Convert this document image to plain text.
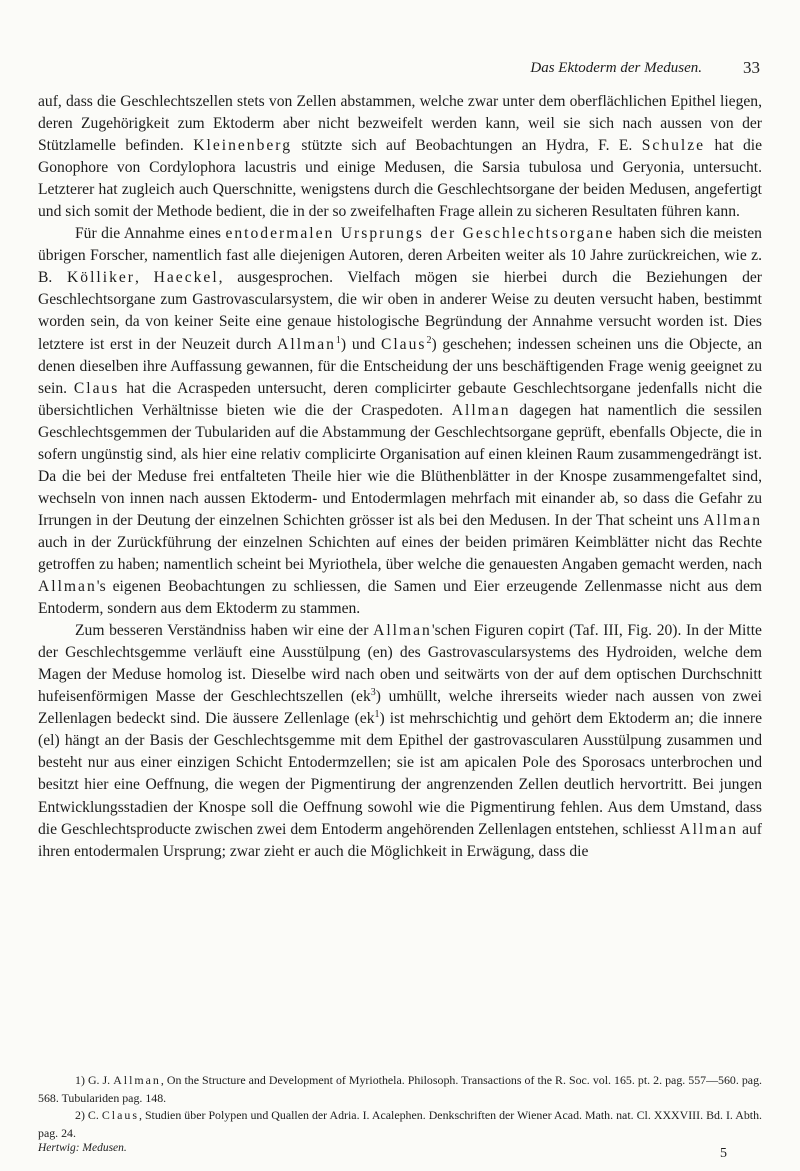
Das Ektoderm der Medusen. 33

auf, dass die Geschlechtszellen stets von Zellen abstammen, welche zwar unter dem oberflächlichen Epithel liegen, deren Zugehörigkeit zum Ektoderm aber nicht bezweifelt werden kann, weil sie sich nach aussen von der Stützlamelle befinden. Kleinenberg stützte sich auf Beobachtungen an Hydra, F. E. Schulze hat die Gonophore von Cordylophora lacustris und einige Medusen, die Sarsia tubulosa und Geryonia, untersucht. Letzterer hat zugleich auch Querschnitte, wenigstens durch die Geschlechtsorgane der beiden Medusen, angefertigt und sich somit der Methode bedient, die in der so zweifelhaften Frage allein zu sicheren Resultaten führen kann.

Für die Annahme eines entodermalen Ursprungs der Geschlechtsorgane haben sich die meisten übrigen Forscher, namentlich fast alle diejenigen Autoren, deren Arbeiten weiter als 10 Jahre zurückreichen, wie z. B. Kölliker, Haeckel, ausgesprochen. Vielfach mögen sie hierbei durch die Beziehungen der Geschlechtsorgane zum Gastrovascularsystem, die wir oben in anderer Weise zu deuten versucht haben, bestimmt worden sein, da von keiner Seite eine genaue histologische Begründung der Annahme versucht worden ist. Dies letztere ist erst in der Neuzeit durch Allman$^1$) und Claus$^2$) geschehen; indessen scheinen uns die Objecte, an denen dieselben ihre Auffassung gewannen, für die Entscheidung der uns beschäftigenden Frage wenig geeignet zu sein. Claus hat die Acraspeden untersucht, deren complicirter gebaute Geschlechtsorgane jedenfalls nicht die übersichtlichen Verhältnisse bieten wie die der Craspedoten. Allman dagegen hat namentlich die sessilen Geschlechtsgemmen der Tubulariden auf die Abstammung der Geschlechtsorgane geprüft, ebenfalls Objecte, die in sofern ungünstig sind, als hier eine relativ complicirte Organisation auf einen kleinen Raum zusammengedrängt ist. Da die bei der Meduse frei entfalteten Theile hier wie die Blüthenblätter in der Knospe zusammengefaltet sind, wechseln von innen nach aussen Ektoderm- und Entodermlagen mehrfach mit einander ab, so dass die Gefahr zu Irrungen in der Deutung der einzelnen Schichten grösser ist als bei den Medusen. In der That scheint uns Allman auch in der Zurückführung der einzelnen Schichten auf eines der beiden primären Keimblätter nicht das Rechte getroffen zu haben; namentlich scheint bei Myriothela, über welche die genauesten Angaben gemacht werden, nach Allman's eigenen Beobachtungen zu schliessen, die Samen und Eier erzeugende Zellenmasse nicht aus dem Entoderm, sondern aus dem Ektoderm zu stammen.

Zum besseren Verständniss haben wir eine der Allman'schen Figuren copirt (Taf. III, Fig. 20). In der Mitte der Geschlechtsgemme verläuft eine Ausstülpung (en) des Gastrovascularsystems des Hydroiden, welche dem Magen der Meduse homolog ist. Dieselbe wird nach oben und seitwärts von der auf dem optischen Durchschnitt hufeisenförmigen Masse der Geschlechtszellen $(ek^3)$ umhüllt, welche ihrerseits wieder nach aussen von zwei Zellenlagen bedeckt sind. Die äussere Zellenlage $(ek^1)$ ist mehrschichtig und gehört dem Ektoderm an; die innere (el) hängt an der Basis der Geschlechtsgemme mit dem Epithel der gastrovascularen Ausstülpung zusammen und besteht nur aus einer einzigen Schicht Entodermzellen; sie ist am apicalen Pole des Sporosacs unterbrochen und besitzt hier eine Oeffnung, die wegen der Pigmentirung der angrenzenden Zellen deutlich hervortritt. Bei jungen Entwicklungsstadien der Knospe soll die Oeffnung sowohl wie die Pigmentirung fehlen. Aus dem Umstand, dass die Geschlechtsproducte zwischen zwei dem Entoderm angehörenden Zellenlagen entstehen, schliesst Allman auf ihren entodermalen Ursprung; zwar zieht er auch die Möglichkeit in Erwägung, dass die

1) G. J. Allman, On the Structure and Development of Myriothela. Philosoph. Transactions of the R. Soc. vol. 165. pt. 2. pag. 557—560. pag. 568. Tubulariden pag. 148.

2) C. Claus, Studien über Polypen und Quallen der Adria. I. Acalephen. Denkschriften der Wiener Acad. Math. nat. Cl. XXXVIII. Bd. I. Abth. pag. 24.

Hertwig: Medusen.	5
